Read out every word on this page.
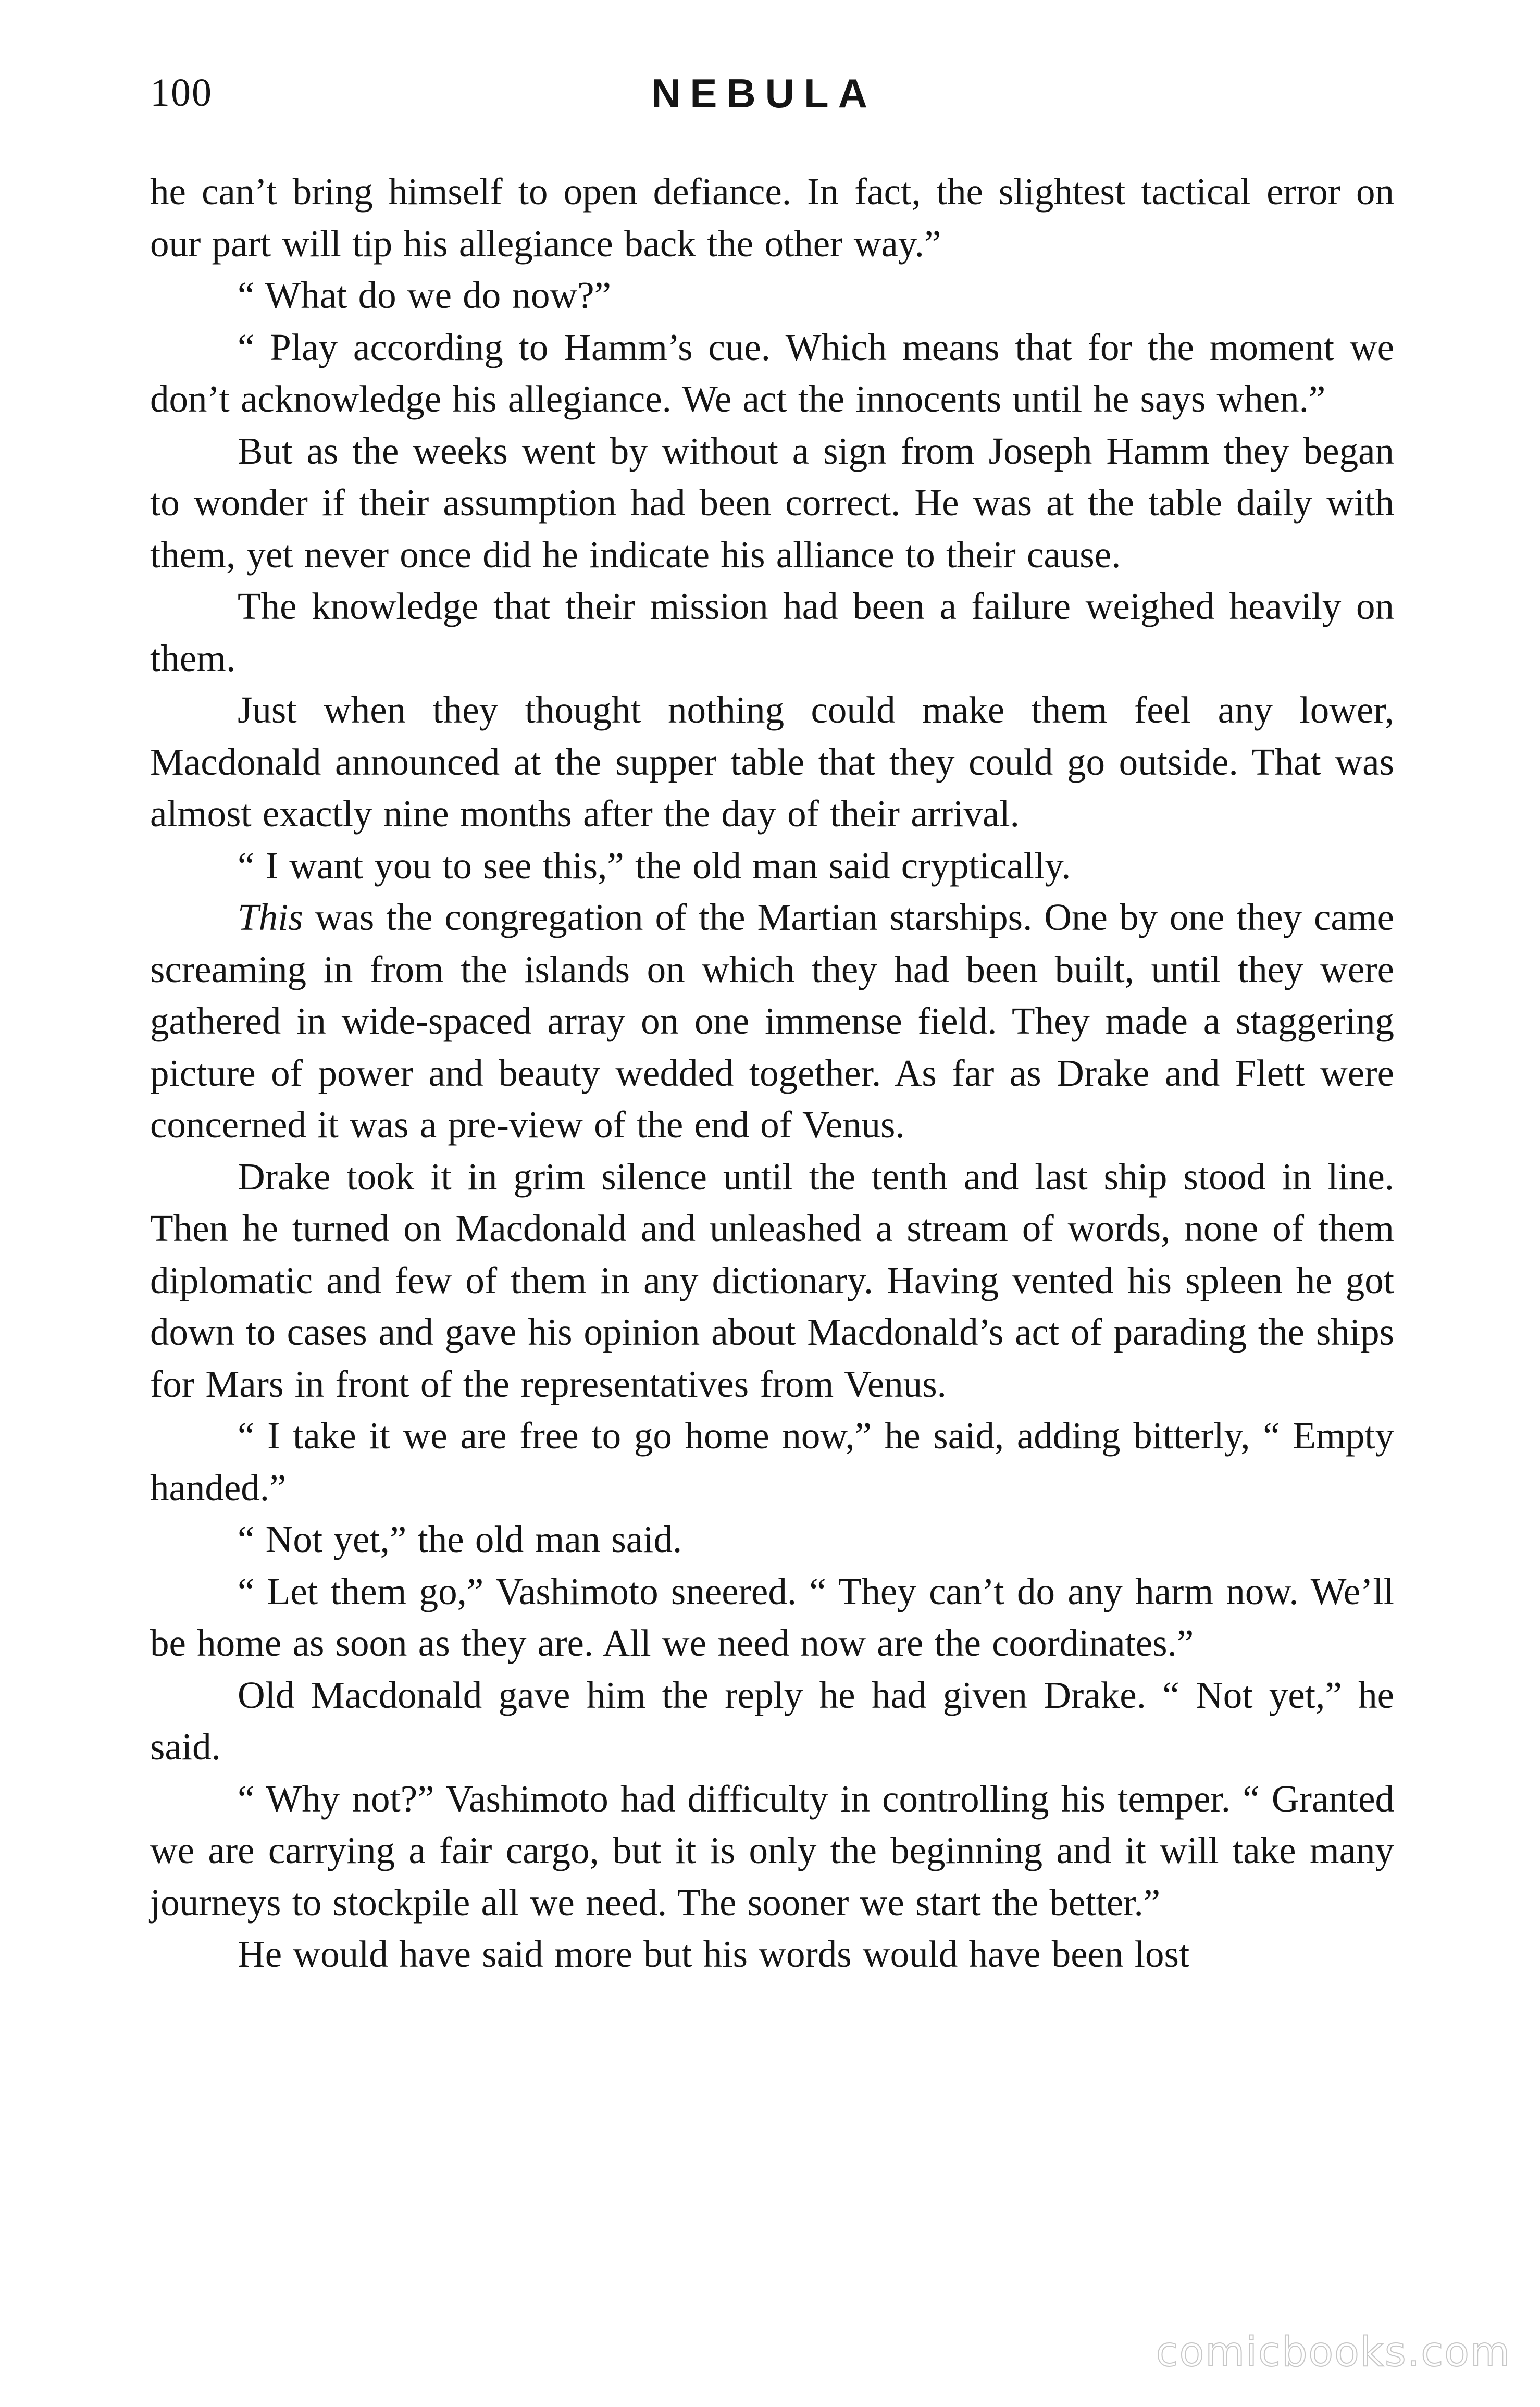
100	NEBULA

he can’t bring himself to open defiance. In fact, the slightest tactical error on our part will tip his allegiance back the other way.”

“ What do we do now?”

“ Play according to Hamm’s cue. Which means that for the moment we don’t acknowledge his allegiance. We act the innocents until he says when.”

But as the weeks went by without a sign from Joseph Hamm they began to wonder if their assumption had been correct. He was at the table daily with them, yet never once did he indicate his alliance to their cause.

The knowledge that their mission had been a failure weighed heavily on them.

Just when they thought nothing could make them feel any lower, Macdonald announced at the supper table that they could go outside. That was almost exactly nine months after the day of their arrival.

“ I want you to see this,” the old man said cryptically.

This was the congregation of the Martian starships. One by one they came screaming in from the islands on which they had been built, until they were gathered in wide-spaced array on one immense field. They made a staggering picture of power and beauty wedded together. As far as Drake and Flett were concerned it was a pre-view of the end of Venus.

Drake took it in grim silence until the tenth and last ship stood in line. Then he turned on Macdonald and unleashed a stream of words, none of them diplomatic and few of them in any dictionary. Having vented his spleen he got down to cases and gave his opinion about Macdonald’s act of parading the ships for Mars in front of the representatives from Venus.

“ I take it we are free to go home now,” he said, adding bitterly, “ Empty handed.”

“ Not yet,” the old man said.

“ Let them go,” Vashimoto sneered. “ They can’t do any harm now. We’ll be home as soon as they are. All we need now are the coordinates.”

Old Macdonald gave him the reply he had given Drake. “ Not yet,” he said.

“ Why not?” Vashimoto had difficulty in controlling his temper. “ Granted we are carrying a fair cargo, but it is only the beginning and it will take many journeys to stockpile all we need. The sooner we start the better.”

He would have said more but his words would have been lost

comicbooks.com
